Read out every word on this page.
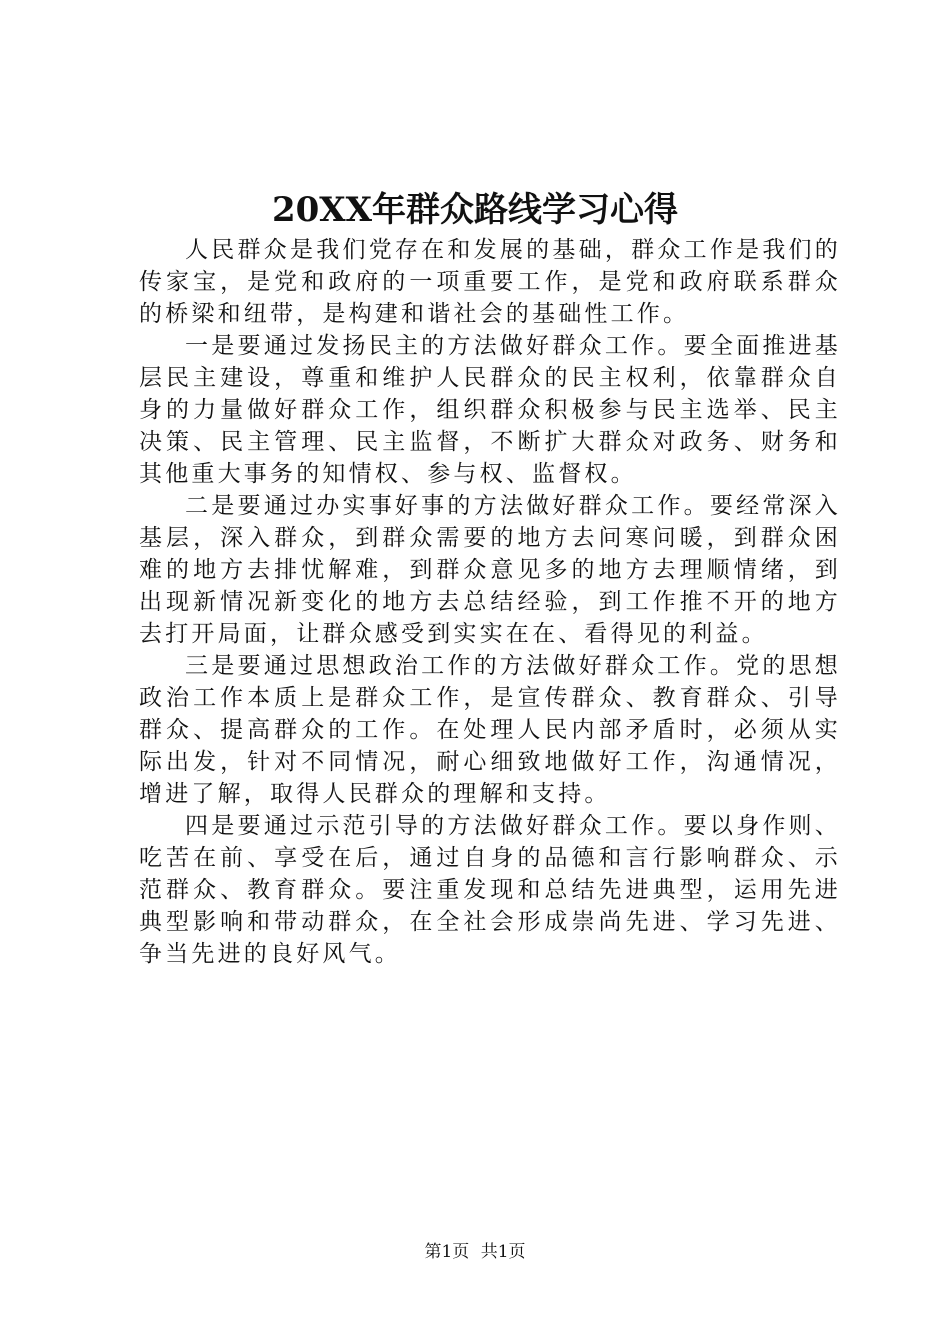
20XX年群众路线学习心得

人民群众是我们党存在和发展的基础，群众工作是我们的传家宝，是党和政府的一项重要工作，是党和政府联系群众的桥梁和纽带，是构建和谐社会的基础性工作。

一是要通过发扬民主的方法做好群众工作。要全面推进基层民主建设，尊重和维护人民群众的民主权利，依靠群众自身的力量做好群众工作，组织群众积极参与民主选举、民主决策、民主管理、民主监督，不断扩大群众对政务、财务和其他重大事务的知情权、参与权、监督权。

二是要通过办实事好事的方法做好群众工作。要经常深入基层，深入群众，到群众需要的地方去问寒问暖，到群众困难的地方去排忧解难，到群众意见多的地方去理顺情绪，到出现新情况新变化的地方去总结经验，到工作推不开的地方去打开局面，让群众感受到实实在在、看得见的利益。

三是要通过思想政治工作的方法做好群众工作。党的思想政治工作本质上是群众工作，是宣传群众、教育群众、引导群众、提高群众的工作。在处理人民内部矛盾时，必须从实际出发，针对不同情况，耐心细致地做好工作，沟通情况，增进了解，取得人民群众的理解和支持。

四是要通过示范引导的方法做好群众工作。要以身作则、吃苦在前、享受在后，通过自身的品德和言行影响群众、示范群众、教育群众。要注重发现和总结先进典型，运用先进典型影响和带动群众，在全社会形成崇尚先进、学习先进、争当先进的良好风气。

第1页 共1页
